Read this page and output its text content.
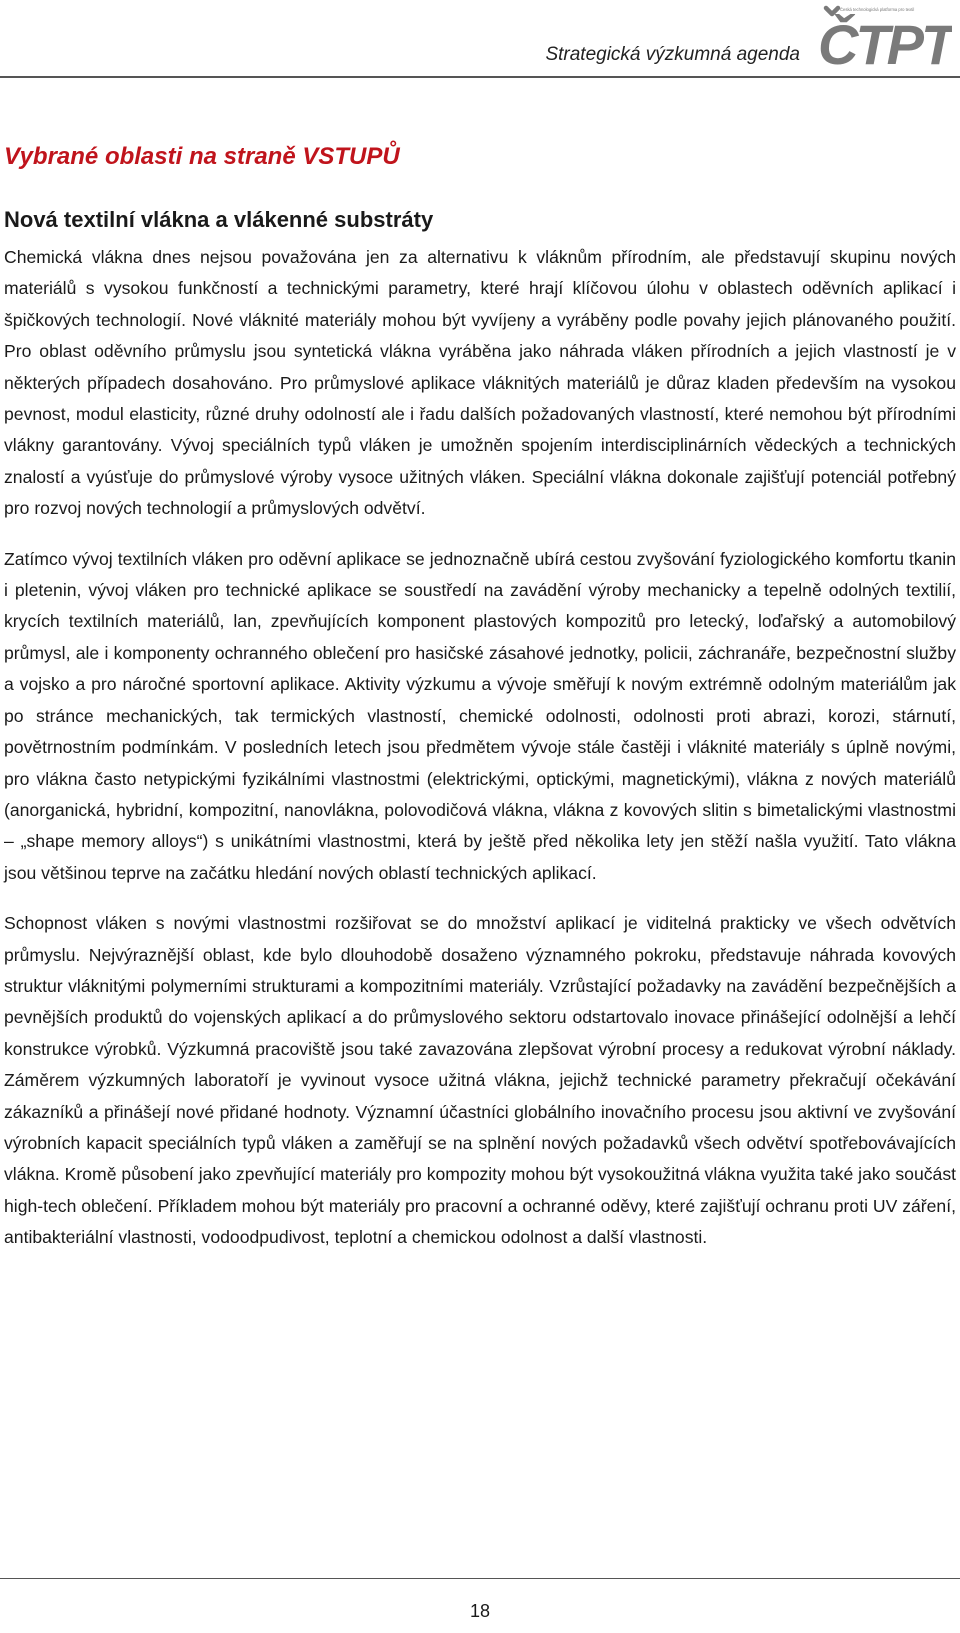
Strategická výzkumná agenda
Česká technologická platforma pro textil
ČTPT
Vybrané oblasti na straně VSTUPŮ
Nová textilní vlákna a vlákenné substráty

Chemická vlákna dnes nejsou považována jen za alternativu k vláknům přírodním, ale představují skupinu nových materiálů s vysokou funkčností a technickými parametry, které hrají klíčovou úlohu v oblastech oděvních aplikací i špičkových technologií. Nové vláknité materiály mohou být vyvíjeny a vyráběny podle povahy jejich plánovaného použití. Pro oblast oděvního průmyslu jsou syntetická vlákna vyráběna jako náhrada vláken přírodních a jejich vlastností je v některých případech dosahováno. Pro průmyslové aplikace vláknitých materiálů je důraz kladen především na vysokou pevnost, modul elasticity, různé druhy odolností ale i řadu dalších požadovaných vlastností, které nemohou být přírodními vlákny garantovány. Vývoj speciálních typů vláken je umožněn spojením interdisciplinárních vědeckých a technických znalostí a vyúsťuje do průmyslové výroby vysoce užitných vláken. Speciální vlákna dokonale zajišťují potenciál potřebný pro rozvoj nových technologií a průmyslových odvětví.

Zatímco vývoj textilních vláken pro oděvní aplikace se jednoznačně ubírá cestou zvyšování fyziologického komfortu tkanin i pletenin, vývoj vláken pro technické aplikace se soustředí na zavádění výroby mechanicky a tepelně odolných textilií, krycích textilních materiálů, lan, zpevňujících komponent plastových kompozitů pro letecký, loďařský a automobilový průmysl, ale i komponenty ochranného oblečení pro hasičské zásahové jednotky, policii, záchranáře, bezpečnostní služby a vojsko a pro náročné sportovní aplikace. Aktivity výzkumu a vývoje směřují k novým extrémně odolným materiálům jak po stránce mechanických, tak termických vlastností, chemické odolnosti, odolnosti proti abrazi, korozi, stárnutí, povětrnostním podmínkám. V posledních letech jsou předmětem vývoje stále častěji i vláknité materiály s úplně novými, pro vlákna často netypickými fyzikálními vlastnostmi (elektrickými, optickými, magnetickými), vlákna z nových materiálů (anorganická, hybridní, kompozitní, nanovlákna, polovodičová vlákna, vlákna z kovových slitin s bimetalickými vlastnostmi – „shape memory alloys“) s unikátními vlastnostmi, která by ještě před několika lety jen stěží našla využití. Tato vlákna jsou většinou teprve na začátku hledání nových oblastí technických aplikací.

Schopnost vláken s novými vlastnostmi rozšiřovat se do množství aplikací je viditelná prakticky ve všech odvětvích průmyslu. Nejvýraznější oblast, kde bylo dlouhodobě dosaženo významného pokroku, představuje náhrada kovových struktur vláknitými polymerními strukturami a kompozitními materiály. Vzrůstající požadavky na zavádění bezpečnějších a pevnějších produktů do vojenských aplikací a do průmyslového sektoru odstartovalo inovace přinášející odolnější a lehčí konstrukce výrobků. Výzkumná pracoviště jsou také zavazována zlepšovat výrobní procesy a redukovat výrobní náklady. Záměrem výzkumných laboratoří je vyvinout vysoce užitná vlákna, jejichž technické parametry překračují očekávání zákazníků a přinášejí nové přidané hodnoty. Významní účastníci globálního inovačního procesu jsou aktivní ve zvyšování výrobních kapacit speciálních typů vláken a zaměřují se na splnění nových požadavků všech odvětví spotřebovávajících vlákna. Kromě působení jako zpevňující materiály pro kompozity mohou být vysokoužitná vlákna využita také jako součást high-tech oblečení. Příkladem mohou být materiály pro pracovní a ochranné oděvy, které zajišťují ochranu proti UV záření, antibakteriální vlastnosti, vodoodpudivost, teplotní a chemickou odolnost a další vlastnosti.

18
